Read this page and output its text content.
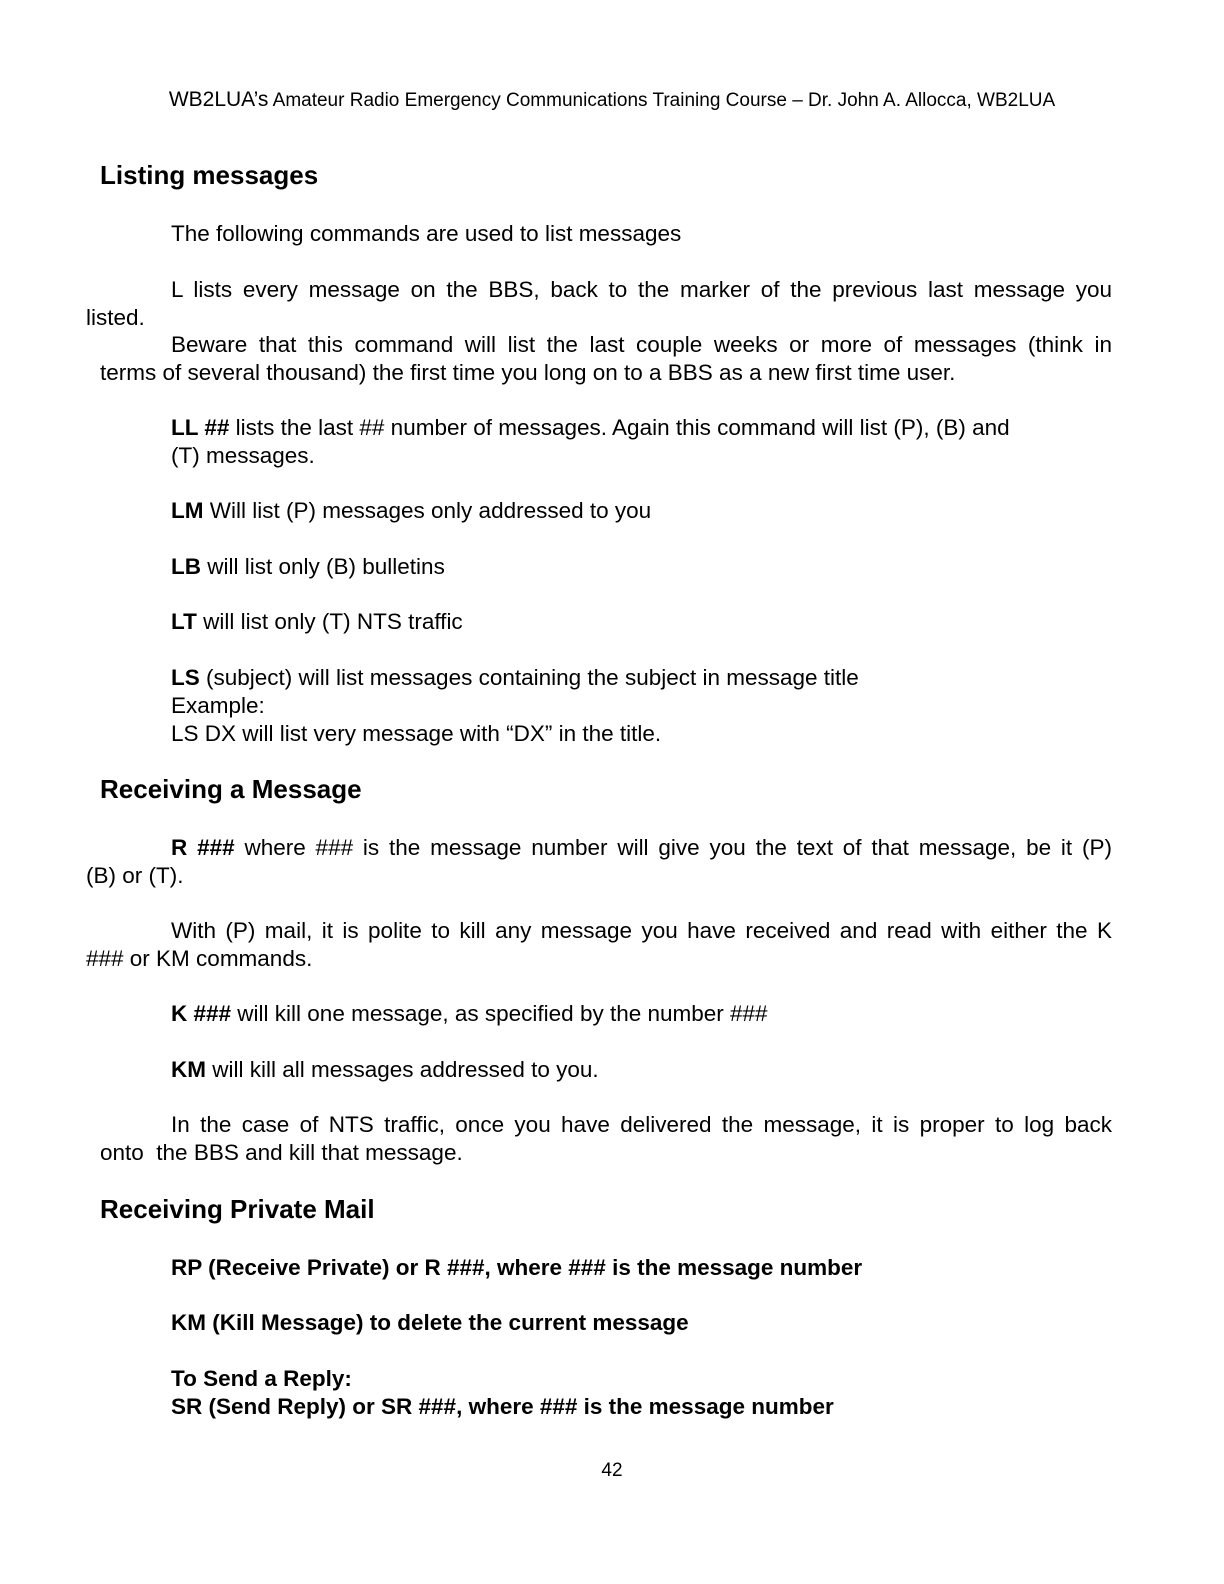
WB2LUA’s Amateur Radio Emergency Communications Training Course – Dr. John A. Allocca, WB2LUA
Listing messages
The following commands are used to list messages
L lists every message on the BBS, back to the marker of the previous last message you
listed.
Beware that this command will list the last couple weeks or more of messages (think in
terms of several thousand) the first time you long on to a BBS as a new first time user.
LL ## lists the last ## number of messages. Again this command will list (P), (B) and
(T) messages.
LM Will list (P) messages only addressed to you
LB will list only (B) bulletins
LT will list only (T) NTS traffic
LS (subject) will list messages containing the subject in message title
Example:
LS DX will list very message with “DX” in the title.
Receiving a Message
R ### where ### is the message number will give you the text of that message, be it (P)
(B) or (T).
With (P) mail, it is polite to kill any message you have received and read with either the K
### or KM commands.
K ### will kill one message, as specified by the number ###
KM will kill all messages addressed to you.
In the case of NTS traffic, once you have delivered the message, it is proper to log back
onto  the BBS and kill that message.
Receiving Private Mail
RP (Receive Private) or R ###, where ### is the message number
KM (Kill Message) to delete the current message
To Send a Reply:
SR (Send Reply) or SR ###, where ### is the message number
42
